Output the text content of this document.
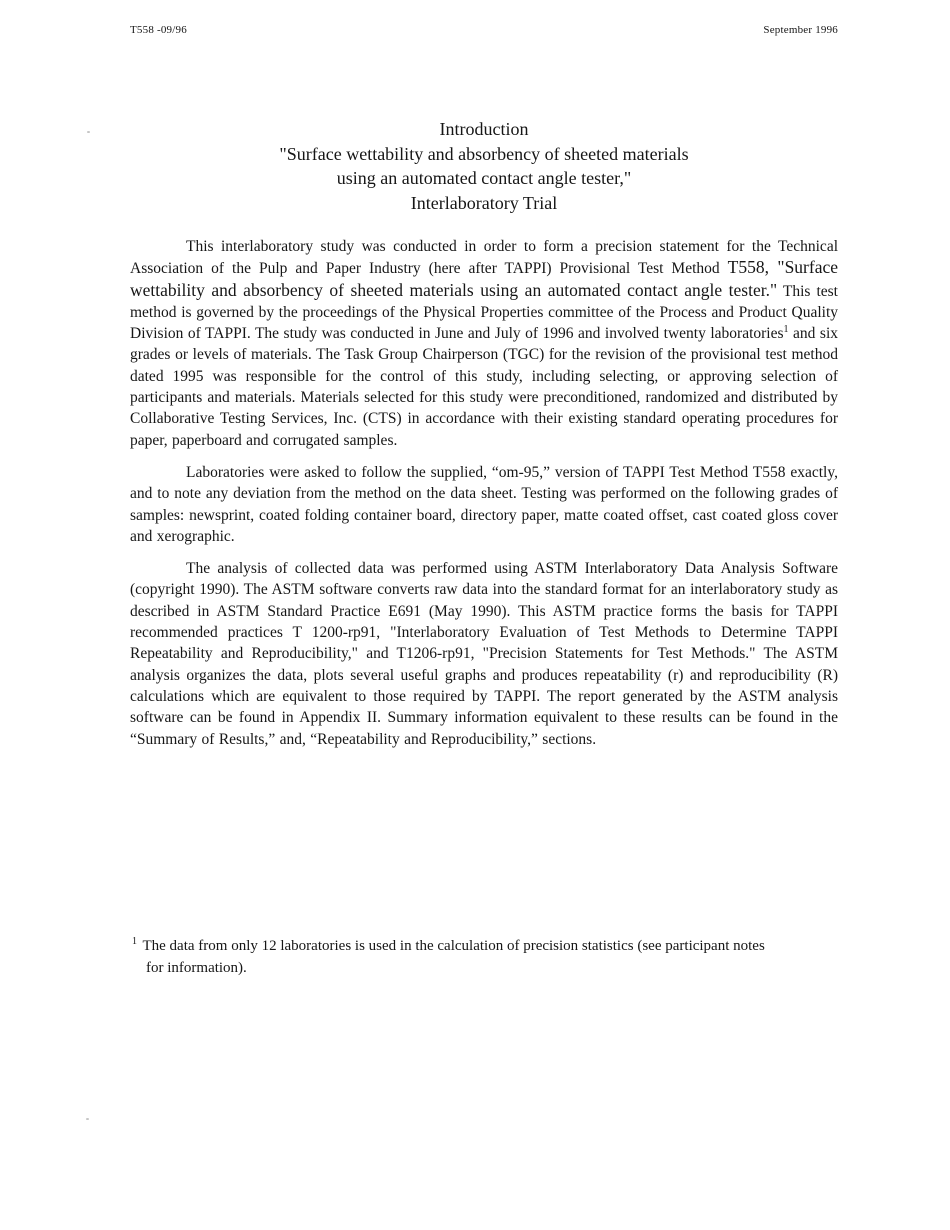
T558 -09/96	September 1996
Introduction
"Surface wettability and absorbency of sheeted materials
using an automated contact angle tester,"
Interlaboratory Trial

This interlaboratory study was conducted in order to form a precision statement for the Technical Association of the Pulp and Paper Industry (here after TAPPI) Provisional Test Method T558, "Surface wettability and absorbency of sheeted materials using an automated contact angle tester." This test method is governed by the proceedings of the Physical Properties committee of the Process and Product Quality Division of TAPPI. The study was conducted in June and July of 1996 and involved twenty laboratories$^1$ and six grades or levels of materials. The Task Group Chairperson (TGC) for the revision of the provisional test method dated 1995 was responsible for the control of this study, including selecting, or approving selection of participants and materials. Materials selected for this study were preconditioned, randomized and distributed by Collaborative Testing Services, Inc. (CTS) in accordance with their existing standard operating procedures for paper, paperboard and corrugated samples.

Laboratories were asked to follow the supplied, “om-95,” version of TAPPI Test Method T558 exactly, and to note any deviation from the method on the data sheet. Testing was performed on the following grades of samples: newsprint, coated folding container board, directory paper, matte coated offset, cast coated gloss cover and xerographic.

The analysis of collected data was performed using ASTM Interlaboratory Data Analysis Software (copyright 1990). The ASTM software converts raw data into the standard format for an interlaboratory study as described in ASTM Standard Practice E691 (May 1990). This ASTM practice forms the basis for TAPPI recommended practices T 1200-rp91, "Interlaboratory Evaluation of Test Methods to Determine TAPPI Repeatability and Reproducibility," and T1206-rp91, "Precision Statements for Test Methods." The ASTM analysis organizes the data, plots several useful graphs and produces repeatability (r) and reproducibility (R) calculations which are equivalent to those required by TAPPI. The report generated by the ASTM analysis software can be found in Appendix II. Summary information equivalent to these results can be found in the “Summary of Results,” and, “Repeatability and Reproducibility,” sections.

$^1$ The data from only 12 laboratories is used in the calculation of precision statistics (see participant notes for information).
